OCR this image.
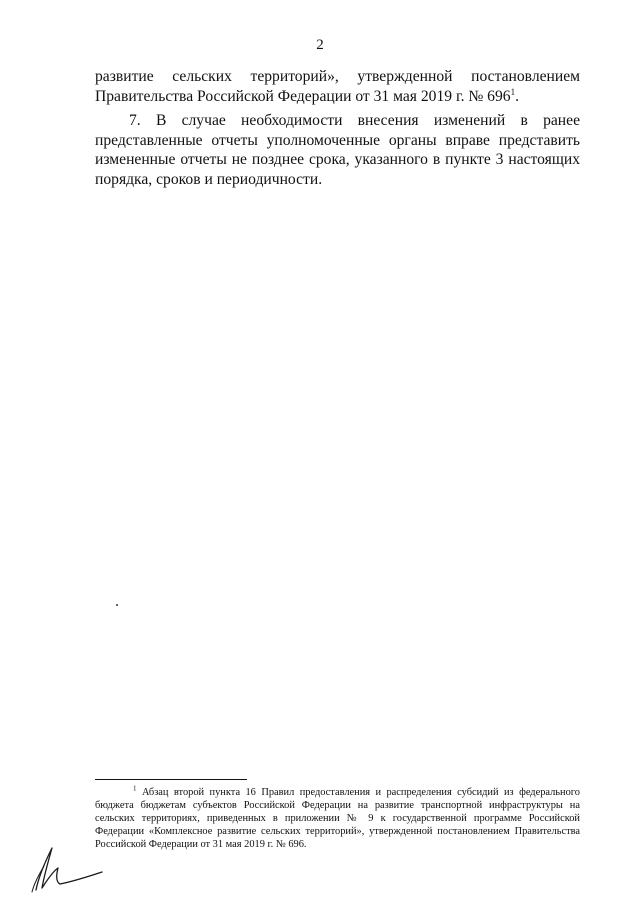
2

развитие сельских территорий», утвержденной постановлением Правительства Российской Федерации от 31 мая 2019 г. № $696^1$.

7. В случае необходимости внесения изменений в ранее представленные отчеты уполномоченные органы вправе представить измененные отчеты не позднее срока, указанного в пункте 3 настоящих порядка, сроков и периодичности.

$^1$ Абзац второй пункта 16 Правил предоставления и распределения субсидий из федерального бюджета бюджетам субъектов Российской Федерации на развитие транспортной инфраструктуры на сельских территориях, приведенных в приложении № 9 к государственной программе Российской Федерации «Комплексное развитие сельских территорий», утвержденной постановлением Правительства Российской Федерации от 31 мая 2019 г. № 696.
